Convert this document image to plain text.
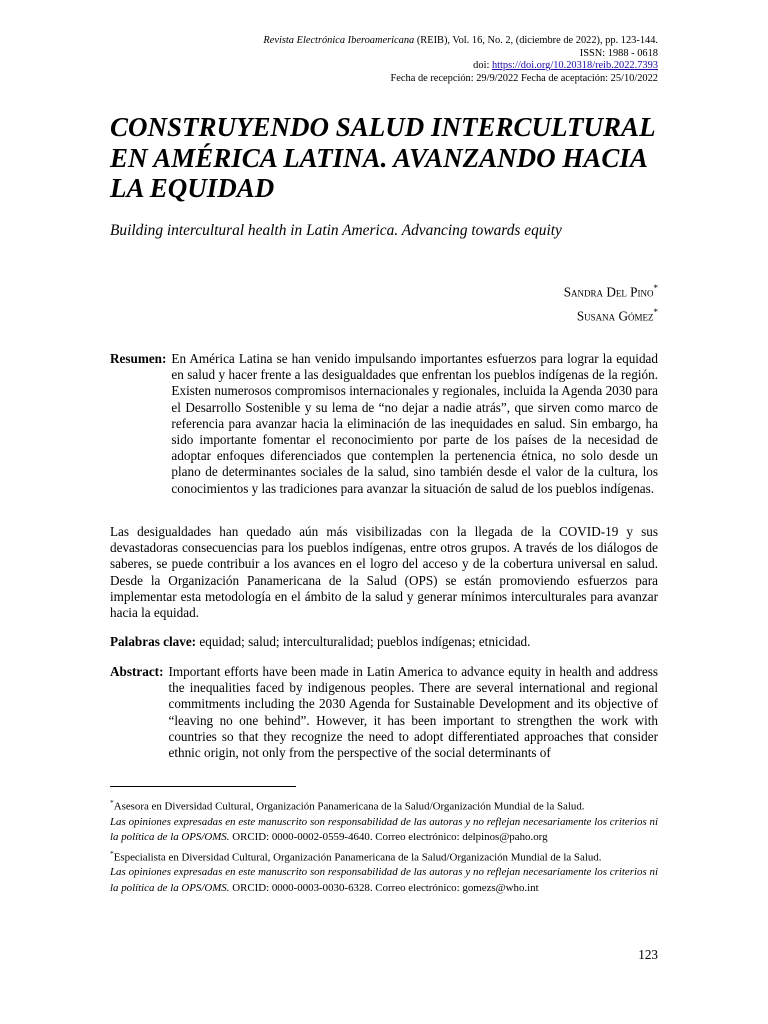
Revista Electrónica Iberoamericana (REIB), Vol. 16, No. 2, (diciembre de 2022), pp. 123-144.
ISSN: 1988 - 0618
doi: https://doi.org/10.20318/reib.2022.7393
Fecha de recepción: 29/9/2022 Fecha de aceptación: 25/10/2022
CONSTRUYENDO SALUD INTERCULTURAL EN AMÉRICA LATINA. AVANZANDO HACIA LA EQUIDAD

Building intercultural health in Latin America. Advancing towards equity

Sandra Del Pino*
Susana Gómez*
Resumen: En América Latina se han venido impulsando importantes esfuerzos para lograr la equidad en salud y hacer frente a las desigualdades que enfrentan los pueblos indígenas de la región. Existen numerosos compromisos internacionales y regionales, incluida la Agenda 2030 para el Desarrollo Sostenible y su lema de “no dejar a nadie atrás”, que sirven como marco de referencia para avanzar hacia la eliminación de las inequidades en salud. Sin embargo, ha sido importante fomentar el reconocimiento por parte de los países de la necesidad de adoptar enfoques diferenciados que contemplen la pertenencia étnica, no solo desde un plano de determinantes sociales de la salud, sino también desde el valor de la cultura, los conocimientos y las tradiciones para avanzar la situación de salud de los pueblos indígenas.
Las desigualdades han quedado aún más visibilizadas con la llegada de la COVID-19 y sus devastadoras consecuencias para los pueblos indígenas, entre otros grupos. A través de los diálogos de saberes, se puede contribuir a los avances en el logro del acceso y de la cobertura universal en salud. Desde la Organización Panamericana de la Salud (OPS) se están promoviendo esfuerzos para implementar esta metodología en el ámbito de la salud y generar mínimos interculturales para avanzar hacia la equidad.
Palabras clave: equidad; salud; interculturalidad; pueblos indígenas; etnicidad.
Abstract: Important efforts have been made in Latin America to advance equity in health and address the inequalities faced by indigenous peoples. There are several international and regional commitments including the 2030 Agenda for Sustainable Development and its objective of “leaving no one behind”. However, it has been important to strengthen the work with countries so that they recognize the need to adopt differentiated approaches that consider ethnic origin, not only from the perspective of the social determinants of
*Asesora en Diversidad Cultural, Organización Panamericana de la Salud/Organización Mundial de la Salud.
Las opiniones expresadas en este manuscrito son responsabilidad de las autoras y no reflejan necesariamente los criterios ni la política de la OPS/OMS. ORCID: 0000-0002-0559-4640. Correo electrónico: delpinos@paho.org
*Especialista en Diversidad Cultural, Organización Panamericana de la Salud/Organización Mundial de la Salud.
Las opiniones expresadas en este manuscrito son responsabilidad de las autoras y no reflejan necesariamente los criterios ni la política de la OPS/OMS. ORCID: 0000-0003-0030-6328. Correo electrónico: gomezs@who.int
123
